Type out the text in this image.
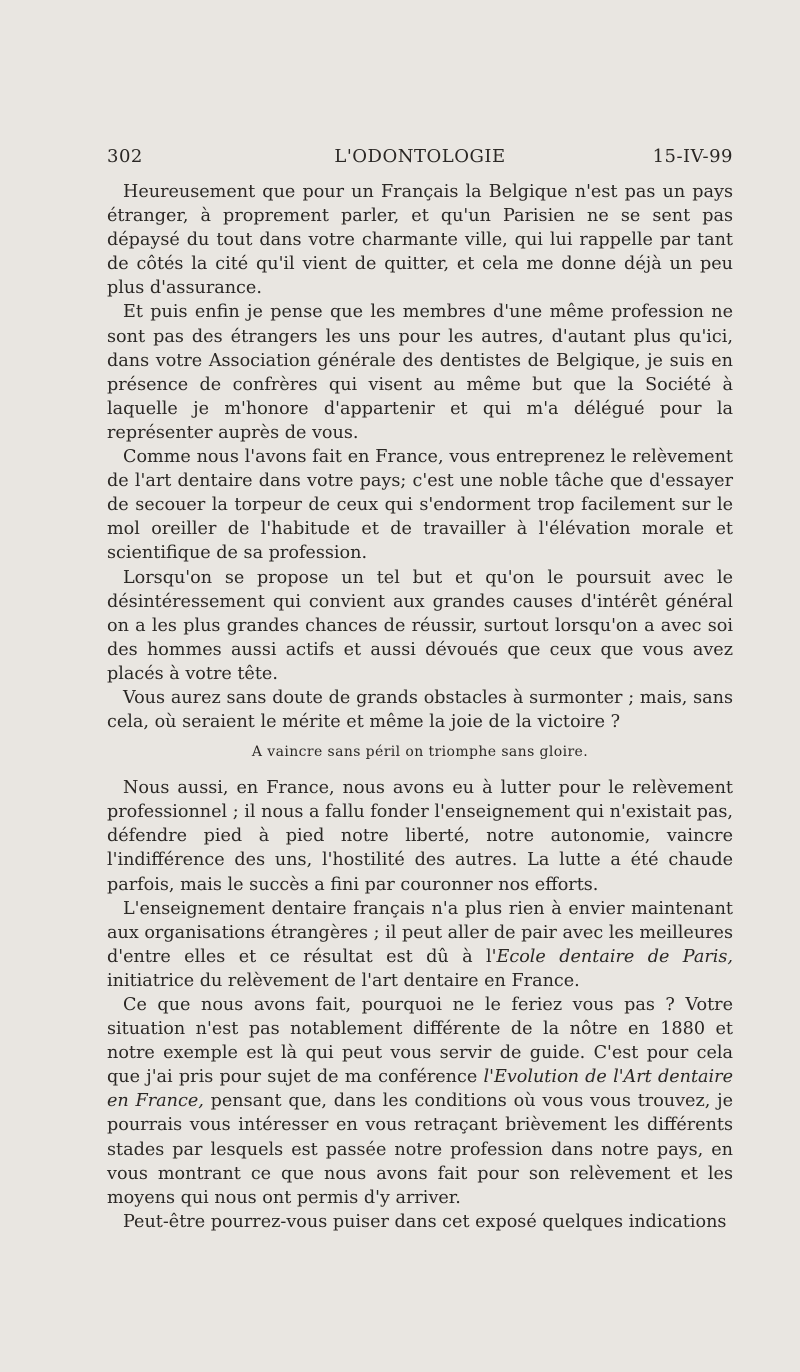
302	L'ODONTOLOGIE	15-IV-99

Heureusement que pour un Français la Belgique n'est pas un pays étranger, à proprement parler, et qu'un Parisien ne se sent pas dépaysé du tout dans votre charmante ville, qui lui rappelle par tant de côtés la cité qu'il vient de quitter, et cela me donne déjà un peu plus d'assurance.

Et puis enfin je pense que les membres d'une même profession ne sont pas des étrangers les uns pour les autres, d'autant plus qu'ici, dans votre Association générale des dentistes de Belgique, je suis en présence de confrères qui visent au même but que la Société à laquelle je m'honore d'appartenir et qui m'a délégué pour la représenter auprès de vous.

Comme nous l'avons fait en France, vous entreprenez le relèvement de l'art dentaire dans votre pays; c'est une noble tâche que d'essayer de secouer la torpeur de ceux qui s'endorment trop facilement sur le mol oreiller de l'habitude et de travailler à l'élévation morale et scientifique de sa profession.

Lorsqu'on se propose un tel but et qu'on le poursuit avec le désintéressement qui convient aux grandes causes d'intérêt général on a les plus grandes chances de réussir, surtout lorsqu'on a avec soi des hommes aussi actifs et aussi dévoués que ceux que vous avez placés à votre tête.

Vous aurez sans doute de grands obstacles à surmonter ; mais, sans cela, où seraient le mérite et même la joie de la victoire ?

A vaincre sans péril on triomphe sans gloire.

Nous aussi, en France, nous avons eu à lutter pour le relèvement professionnel ; il nous a fallu fonder l'enseignement qui n'existait pas, défendre pied à pied notre liberté, notre autonomie, vaincre l'indifférence des uns, l'hostilité des autres. La lutte a été chaude parfois, mais le succès a fini par couronner nos efforts.

L'enseignement dentaire français n'a plus rien à envier maintenant aux organisations étrangères ; il peut aller de pair avec les meilleures d'entre elles et ce résultat est dû à l'Ecole dentaire de Paris, initiatrice du relèvement de l'art dentaire en France.

Ce que nous avons fait, pourquoi ne le feriez vous pas ? Votre situation n'est pas notablement différente de la nôtre en 1880 et notre exemple est là qui peut vous servir de guide. C'est pour cela que j'ai pris pour sujet de ma conférence l'Evolution de l'Art dentaire en France, pensant que, dans les conditions où vous vous trouvez, je pourrais vous intéresser en vous retraçant brièvement les différents stades par lesquels est passée notre profession dans notre pays, en vous montrant ce que nous avons fait pour son relèvement et les moyens qui nous ont permis d'y arriver.

Peut-être pourrez-vous puiser dans cet exposé quelques indications
